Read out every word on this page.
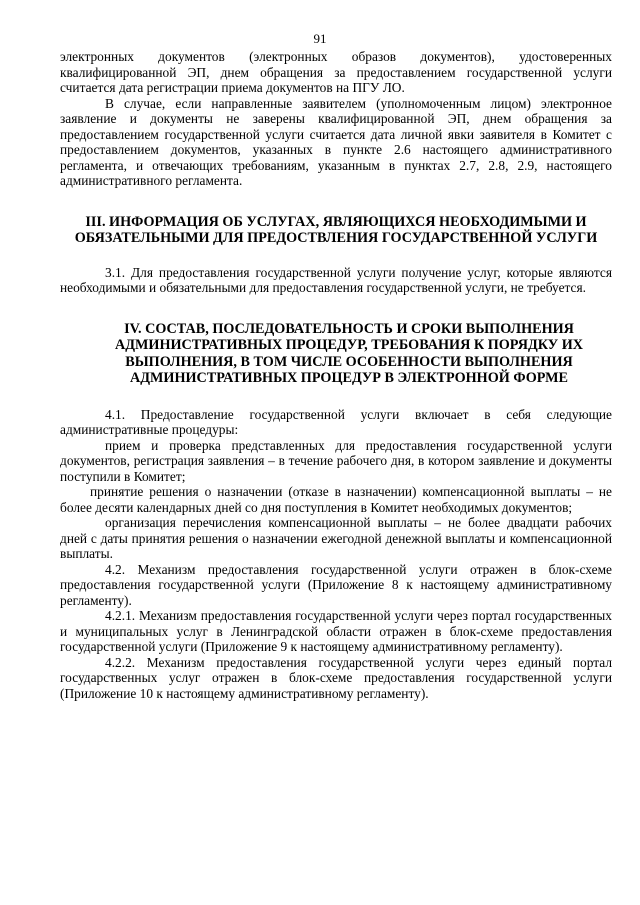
91

электронных документов (электронных образов документов), удостоверенных квалифицированной ЭП, днем обращения за предоставлением государственной услуги считается дата регистрации приема документов на ПГУ ЛО.

В случае, если направленные заявителем (уполномоченным лицом) электронное заявление и документы не заверены квалифицированной ЭП, днем обращения за предоставлением государственной услуги считается дата личной явки заявителя в Комитет с предоставлением документов, указанных в пункте 2.6 настоящего административного регламента, и отвечающих требованиям, указанным в пунктах 2.7, 2.8, 2.9, настоящего административного регламента.

III. ИНФОРМАЦИЯ ОБ УСЛУГАХ, ЯВЛЯЮЩИХСЯ НЕОБХОДИМЫМИ И ОБЯЗАТЕЛЬНЫМИ ДЛЯ ПРЕДОСТВЛЕНИЯ ГОСУДАРСТВЕННОЙ УСЛУГИ

3.1. Для предоставления государственной услуги получение услуг, которые являются необходимыми и обязательными для предоставления государственной услуги, не требуется.

IV. СОСТАВ, ПОСЛЕДОВАТЕЛЬНОСТЬ И СРОКИ ВЫПОЛНЕНИЯ АДМИНИСТРАТИВНЫХ ПРОЦЕДУР, ТРЕБОВАНИЯ К ПОРЯДКУ ИХ ВЫПОЛНЕНИЯ, В ТОМ ЧИСЛЕ ОСОБЕННОСТИ ВЫПОЛНЕНИЯ АДМИНИСТРАТИВНЫХ ПРОЦЕДУР В ЭЛЕКТРОННОЙ ФОРМЕ

4.1. Предоставление государственной услуги включает в себя следующие административные процедуры:

прием и проверка представленных для предоставления государственной услуги документов, регистрация заявления – в течение рабочего дня, в котором заявление и документы поступили в Комитет;

принятие решения о назначении (отказе в назначении) компенсационной выплаты – не более десяти календарных дней со дня поступления в Комитет необходимых документов;

организация перечисления компенсационной выплаты – не более двадцати рабочих дней с даты принятия решения о назначении ежегодной денежной выплаты и компенсационной выплаты.

4.2. Механизм предоставления государственной услуги отражен в блок-схеме предоставления государственной услуги (Приложение 8 к настоящему административному регламенту).

4.2.1. Механизм предоставления государственной услуги через портал государственных и муниципальных услуг в Ленинградской области отражен в блок-схеме предоставления государственной услуги (Приложение 9 к настоящему административному регламенту).

4.2.2. Механизм предоставления государственной услуги через единый портал государственных услуг отражен в блок-схеме предоставления государственной услуги (Приложение 10 к настоящему административному регламенту).
